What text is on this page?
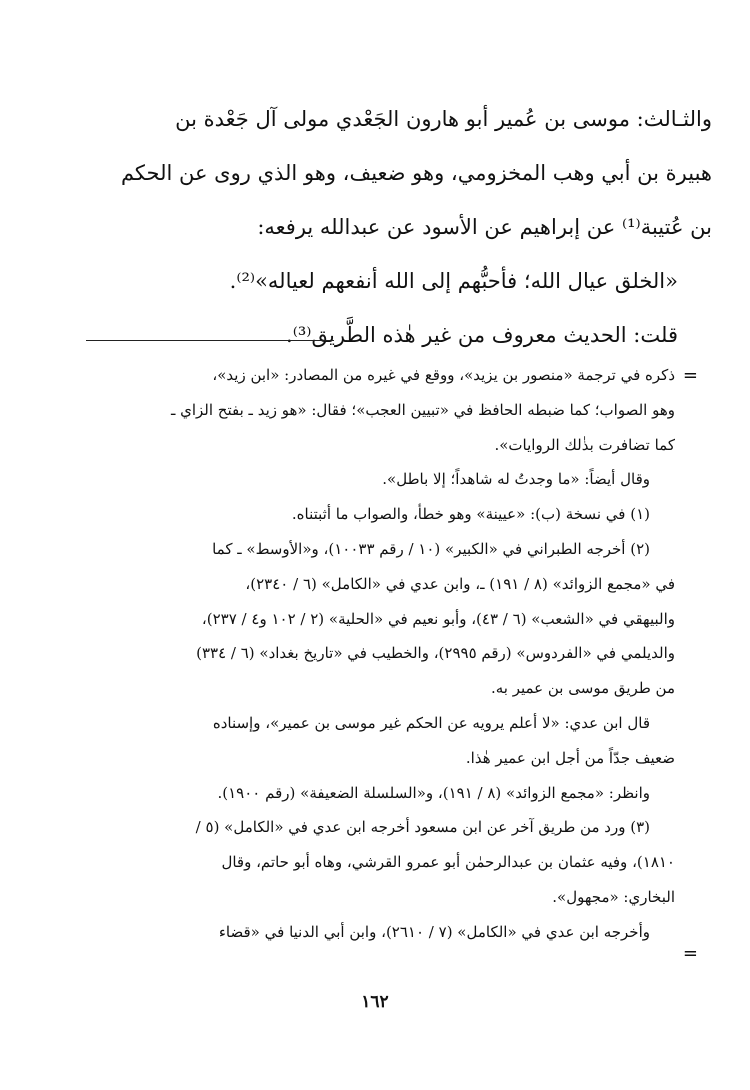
والثـالث: موسى بن عُمير أبو هارون الجَعْدي مولى آل جَعْدة بن
هبيرة بن أبي وهب المخزومي، وهو ضعيف، وهو الذي روى عن الحكم
بن عُتيبة⁽¹⁾ عن إبراهيم عن الأسود عن عبدالله يرفعه:
«الخلق عيال الله؛ فأحبُّهم إلى الله أنفعهم لعياله»⁽²⁾.
قلت: الحديث معروف من غير هٰذه الطَّريق⁽³⁾.
=
ذكره في ترجمة «منصور بن يزيد»، ووقع في غيره من المصادر: «ابن زيد»،
وهو الصواب؛ كما ضبطه الحافظ في «تبيين العجب»؛ فقال: «هو زيد ـ بفتح الزاي ـ
كما تضافرت بذٰلك الروايات».
وقال أيضاً: «ما وجدتُ له شاهداً؛ إلا باطل».
(١) في نسخة (ب): «عيينة» وهو خطأ، والصواب ما أثبتناه.
(٢) أخرجه الطبراني في «الكبير» (١٠ / رقم ١٠٠٣٣)، و«الأوسط» ـ كما
في «مجمع الزوائد» (٨ / ١٩١) ـ، وابن عدي في «الكامل» (٦ / ٢٣٤٠)،
والبيهقي في «الشعب» (٦ / ٤٣)، وأبو نعيم في «الحلية» (٢ / ١٠٢ و٤ / ٢٣٧)،
والديلمي في «الفردوس» (رقم ٢٩٩٥)، والخطيب في «تاريخ بغداد» (٦ / ٣٣٤)
من طريق موسى بن عمير به.
قال ابن عدي: «لا أعلم يرويه عن الحكم غير موسى بن عمير»، وإسناده
ضعيف جدّاً من أجل ابن عمير هٰذا.
وانظر: «مجمع الزوائد» (٨ / ١٩١)، و«السلسلة الضعيفة» (رقم ١٩٠٠).
(٣) ورد من طريق آخر عن ابن مسعود أخرجه ابن عدي في «الكامل» (٥ /
١٨١٠)، وفيه عثمان بن عبدالرحمٰن أبو عمرو القرشي، وهاه أبو حاتم، وقال
البخاري: «مجهول».
وأخرجه ابن عدي في «الكامل» (٧ / ٢٦١٠)، وابن أبي الدنيا في «قضاء
=
١٦٢
